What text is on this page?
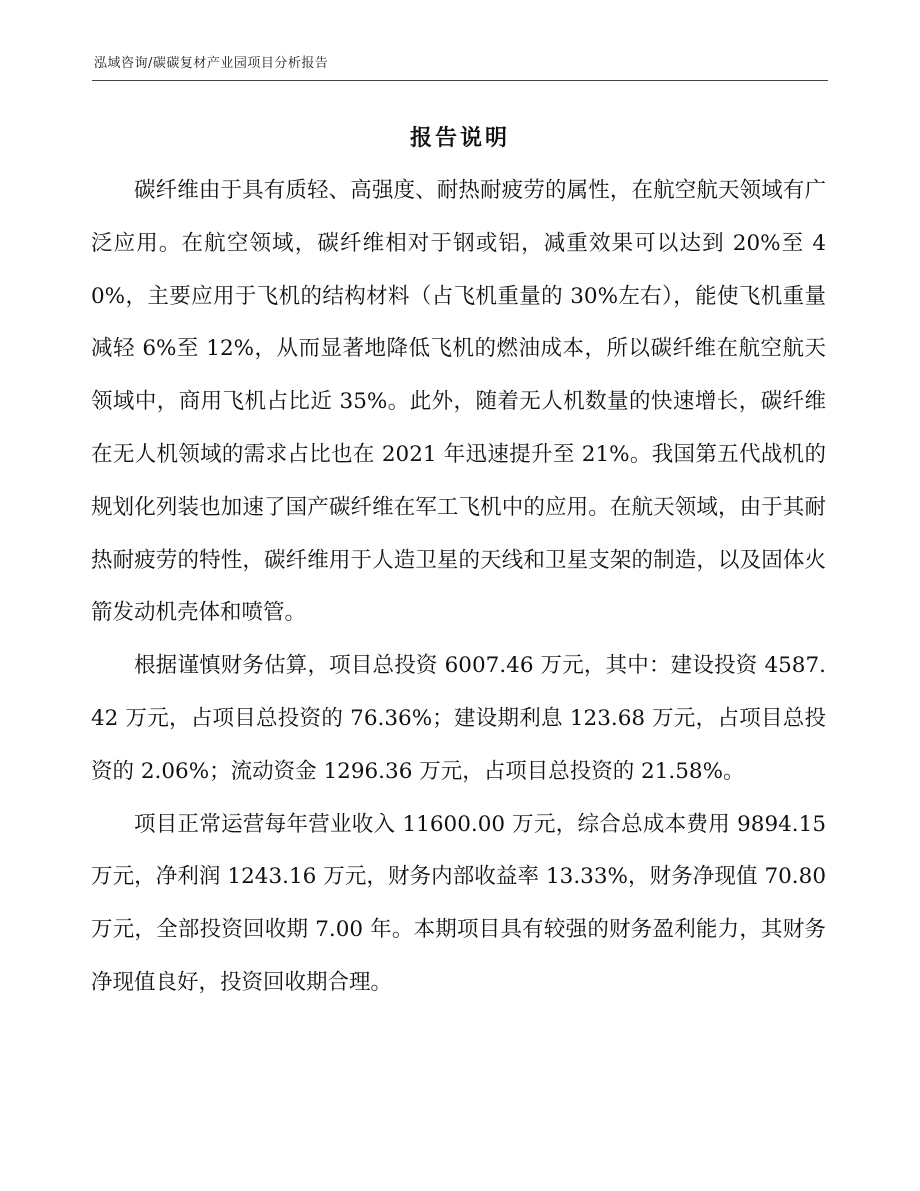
泓域咨询/碳碳复材产业园项目分析报告
报告说明

碳纤维由于具有质轻、高强度、耐热耐疲劳的属性，在航空航天领域有广泛应用。在航空领域，碳纤维相对于钢或铝，减重效果可以达到 20%至 40%，主要应用于飞机的结构材料（占飞机重量的 30%左右），能使飞机重量减轻 6%至 12%，从而显著地降低飞机的燃油成本，所以碳纤维在航空航天领域中，商用飞机占比近 35%。此外，随着无人机数量的快速增长，碳纤维在无人机领域的需求占比也在 2021 年迅速提升至 21%。我国第五代战机的规划化列装也加速了国产碳纤维在军工飞机中的应用。在航天领域，由于其耐热耐疲劳的特性，碳纤维用于人造卫星的天线和卫星支架的制造，以及固体火箭发动机壳体和喷管。

根据谨慎财务估算，项目总投资 6007.46 万元，其中：建设投资 4587.42 万元，占项目总投资的 76.36%；建设期利息 123.68 万元，占项目总投资的 2.06%；流动资金 1296.36 万元，占项目总投资的 21.58%。

项目正常运营每年营业收入 11600.00 万元，综合总成本费用 9894.15 万元，净利润 1243.16 万元，财务内部收益率 13.33%，财务净现值 70.80 万元，全部投资回收期 7.00 年。本期项目具有较强的财务盈利能力，其财务净现值良好，投资回收期合理。
